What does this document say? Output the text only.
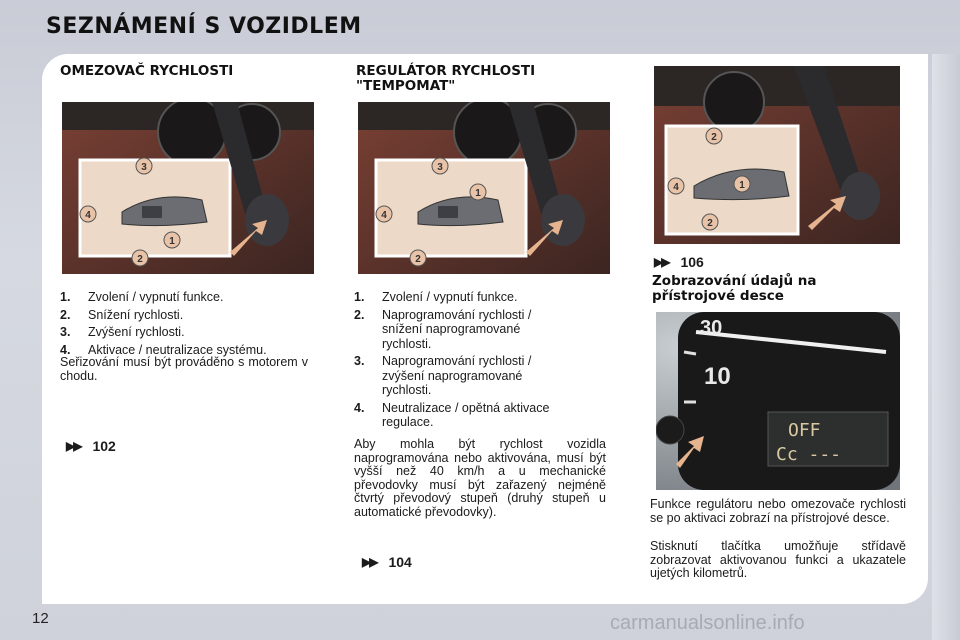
SEZNÁMENÍ S VOZIDLEM
OMEZOVAČ RYCHLOSTI
3
4
1
2
1.	Zvolení / vypnutí funkce.
2.	Snížení rychlosti.
3.	Zvýšení rychlosti.
4.	Aktivace / neutralizace systému.
Seřizování musí být prováděno s motorem v chodu.
▶▶ 102
REGULÁTOR RYCHLOSTI
"TEMPOMAT"
3
1
4
2
1.	Zvolení / vypnutí funkce.
2.	Naprogramování rychlosti / snížení naprogramované rychlosti.
3.	Naprogramování rychlosti / zvýšení naprogramované rychlosti.
4.	Neutralizace / opětná aktivace regulace.
Aby mohla být rychlost vozidla naprogramována nebo aktivována, musí být vyšší než 40 km/h a u mechanické převodovky musí být zařazený nejméně čtvrtý převodový stupeň (druhý stupeň u automatické převodovky).
▶▶ 104
2
4	1
2
▶▶ 106
Zobrazování údajů na
přístrojové desce
30
10
OFF
Cc ---
Funkce regulátoru nebo omezovače rychlosti se po aktivaci zobrazí na přístrojové desce.
Stisknutí tlačítka umožňuje střídavě zobrazovat aktivovanou funkci a ukazatele ujetých kilometrů.
12	carmanualsonline.info
